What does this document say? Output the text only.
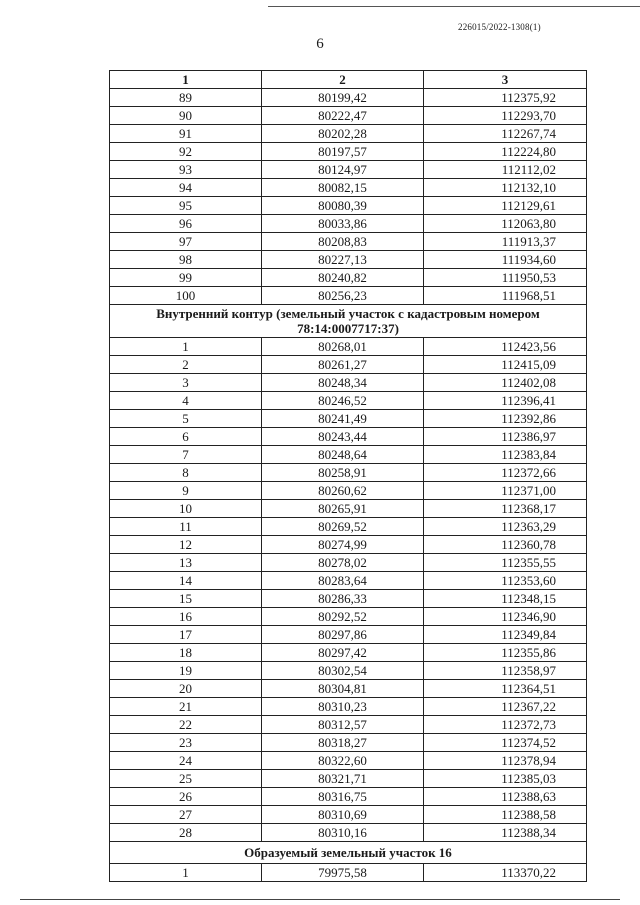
226015/2022-1308(1)
6
1	2	3
89	80199,42	112375,92
90	80222,47	112293,70
91	80202,28	112267,74
92	80197,57	112224,80
93	80124,97	112112,02
94	80082,15	112132,10
95	80080,39	112129,61
96	80033,86	112063,80
97	80208,83	111913,37
98	80227,13	111934,60
99	80240,82	111950,53
100	80256,23	111968,51
Внутренний контур (земельный участок с кадастровым номером 78:14:0007717:37)		
1	80268,01	112423,56
2	80261,27	112415,09
3	80248,34	112402,08
4	80246,52	112396,41
5	80241,49	112392,86
6	80243,44	112386,97
7	80248,64	112383,84
8	80258,91	112372,66
9	80260,62	112371,00
10	80265,91	112368,17
11	80269,52	112363,29
12	80274,99	112360,78
13	80278,02	112355,55
14	80283,64	112353,60
15	80286,33	112348,15
16	80292,52	112346,90
17	80297,86	112349,84
18	80297,42	112355,86
19	80302,54	112358,97
20	80304,81	112364,51
21	80310,23	112367,22
22	80312,57	112372,73
23	80318,27	112374,52
24	80322,60	112378,94
25	80321,71	112385,03
26	80316,75	112388,63
27	80310,69	112388,58
28	80310,16	112388,34
Образуемый земельный участок 16		
1	79975,58	113370,22
